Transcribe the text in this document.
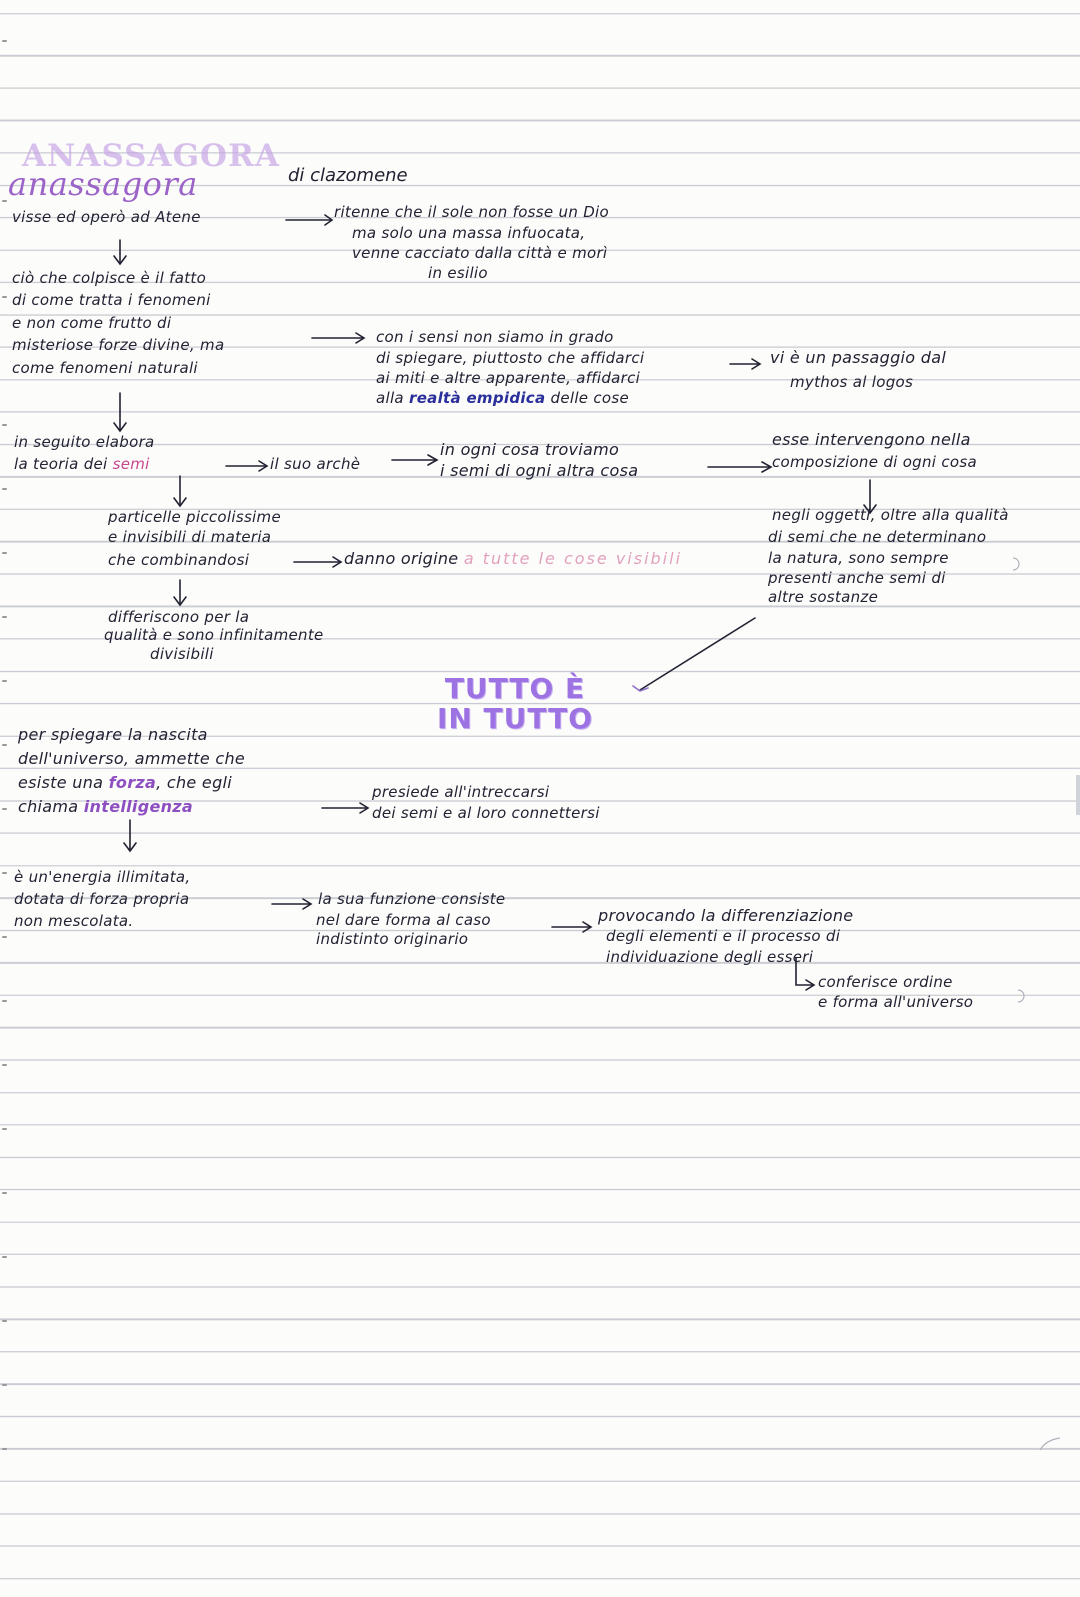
ANASSAGORA
anassagora	di clazomene
visse ed operò ad Atene	ritenne che il sole non fosse un Dio
ma solo una massa infuocata,
venne cacciato dalla città e morì
in esilio
ciò che colpisce è il fatto
di come tratta i fenomeni
e non come frutto di
misteriose forze divine, ma
come fenomeni naturali
con i sensi non siamo in grado
di spiegare, piuttosto che affidarci
ai miti e altre apparente, affidarci
alla realtà empidica delle cose
vi è un passaggio dal
mythos al logos
in seguito elabora
la teoria dei semi	il suo archè
in ogni cosa troviamo
i semi di ogni altra cosa
esse intervengono nella
composizione di ogni cosa
particelle piccolissime
e invisibili di materia
che combinandosi	danno origine a tutte le cose visibili
negli oggetti, oltre alla qualità
di semi che ne determinano
la natura, sono sempre
presenti anche semi di
altre sostanze
differiscono per la
qualità e sono infinitamente
divisibili
TUTTO È
IN TUTTO
per spiegare la nascita
dell'universo, ammette che
esiste una forza, che egli
chiama intelligenza
presiede all'intreccarsi
dei semi e al loro connettersi
è un'energia illimitata,
dotata di forza propria
non mescolata.
la sua funzione consiste
nel dare forma al caso
indistinto originario
provocando la differenziazione
degli elementi e il processo di
individuazione degli esseri
conferisce ordine
e forma all'universo
